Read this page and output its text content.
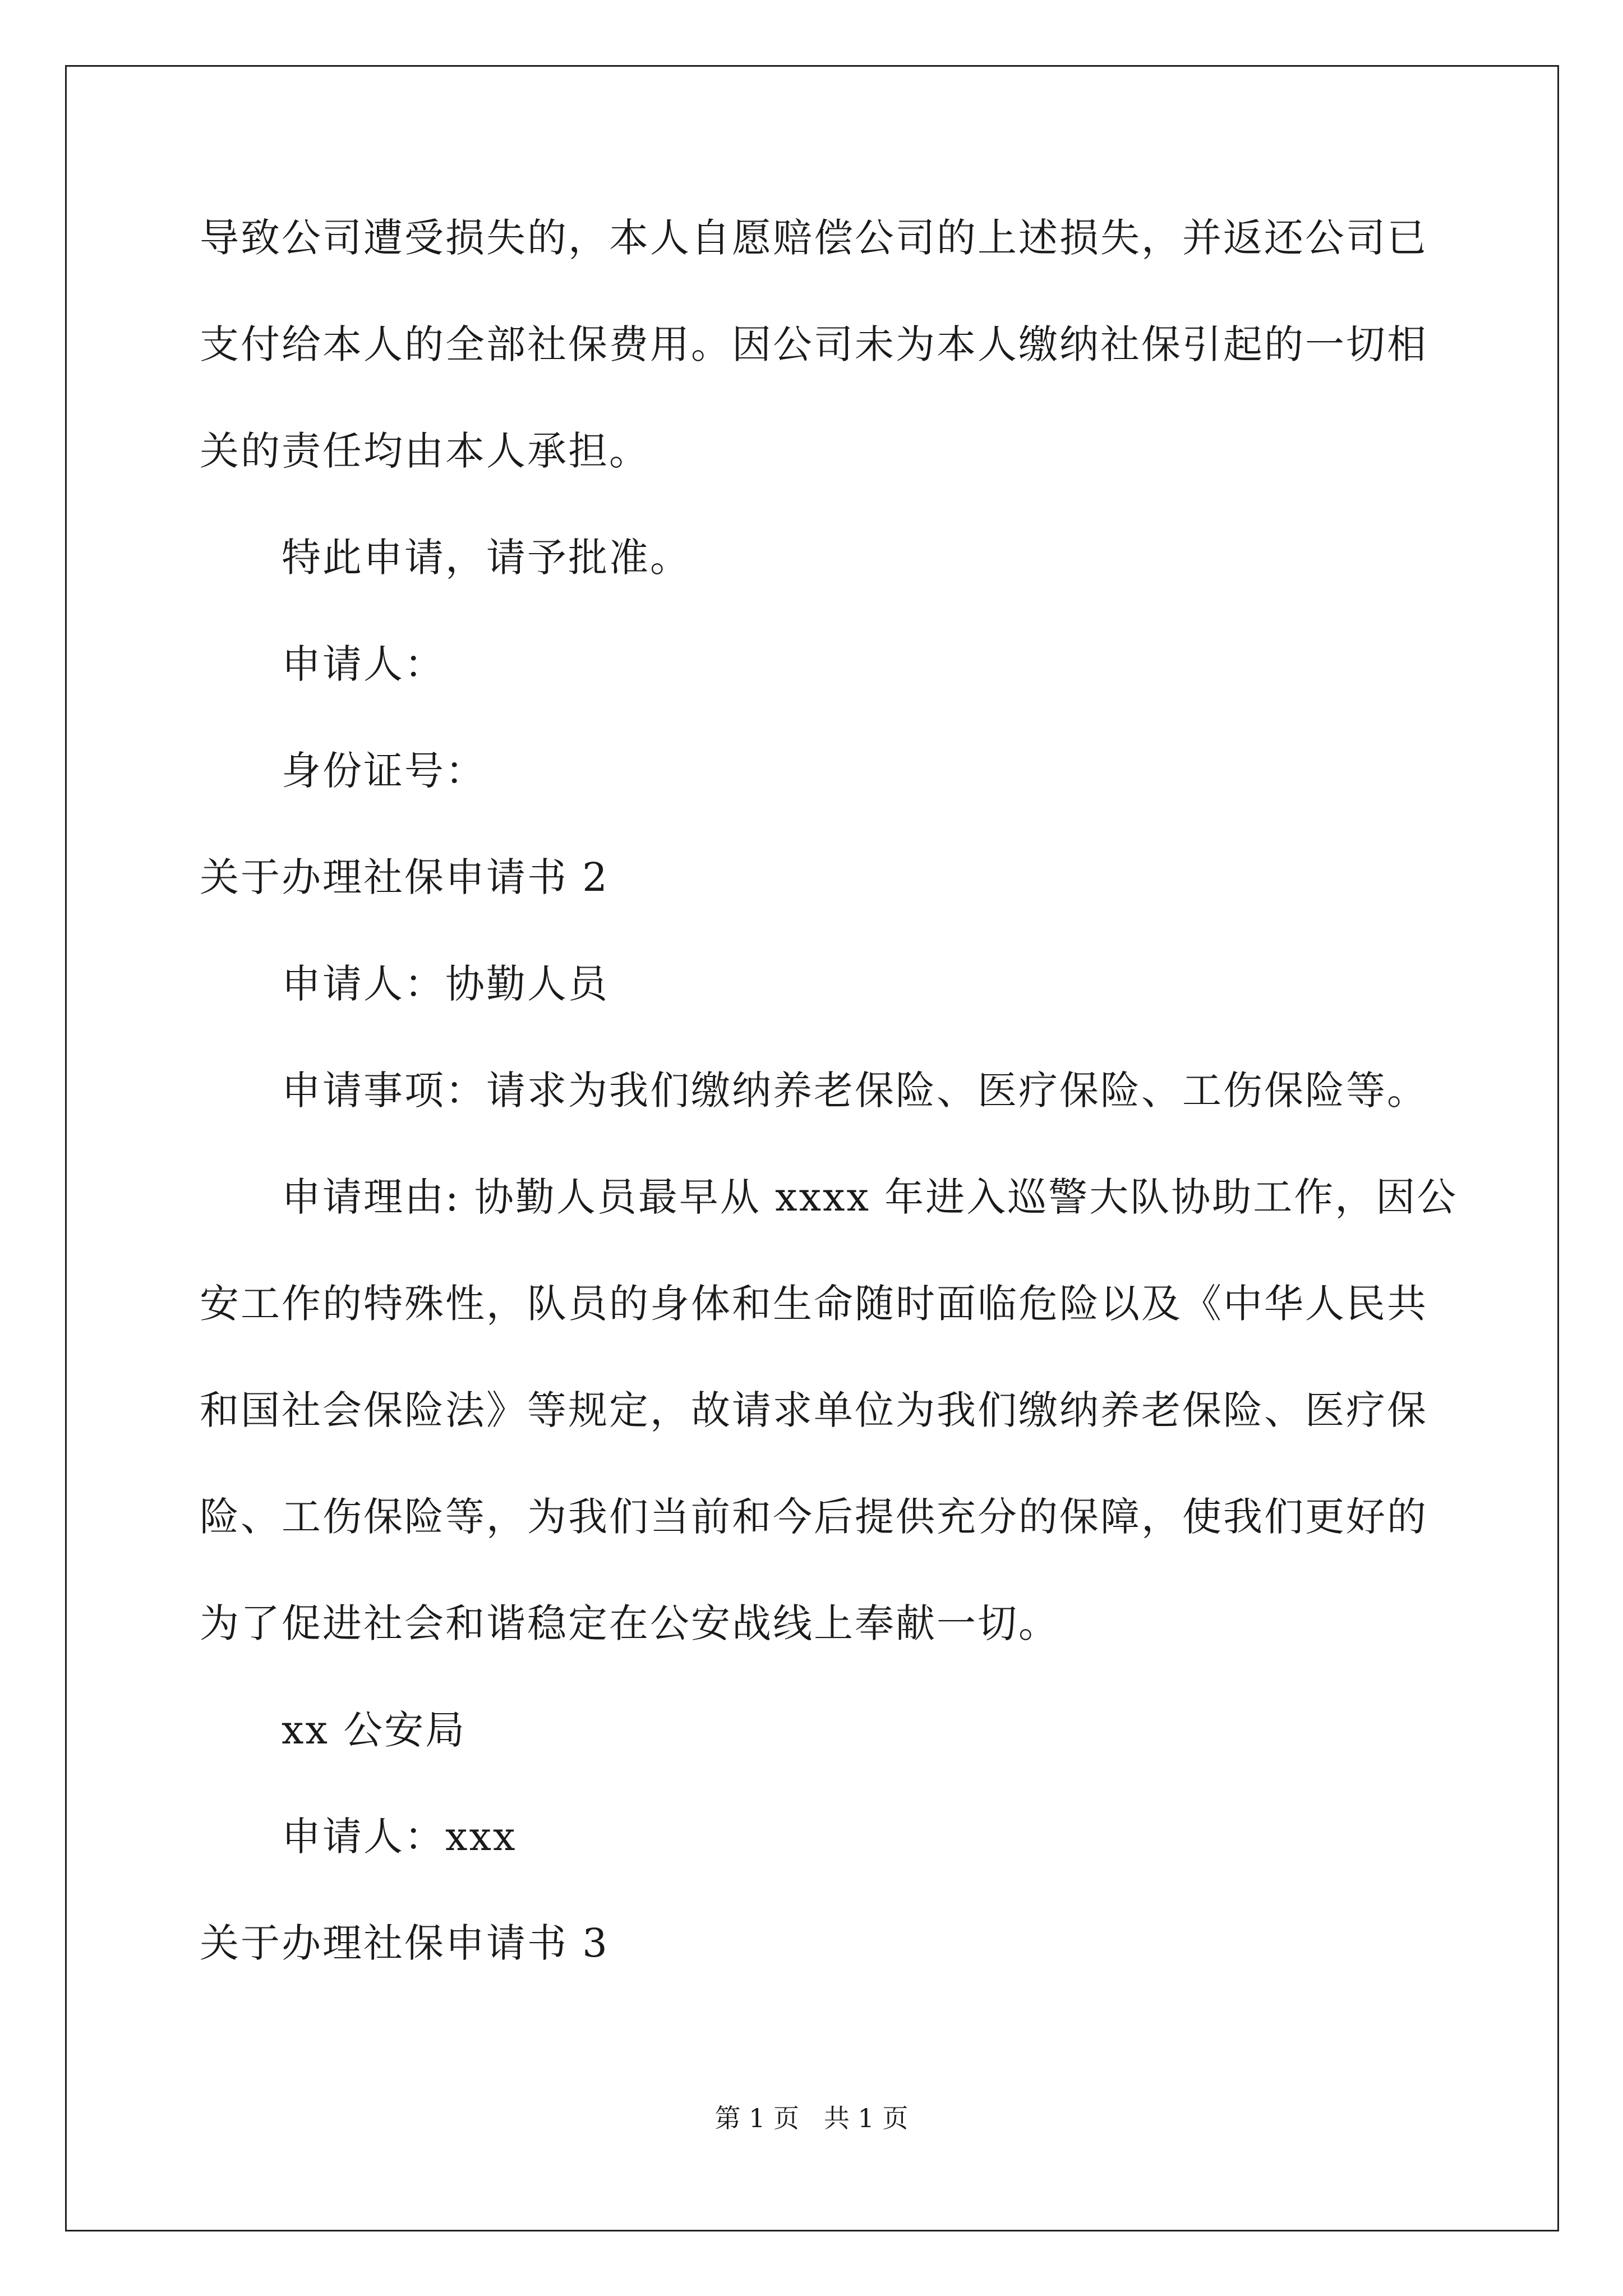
导致公司遭受损失的，本人自愿赔偿公司的上述损失，并返还公司已
支付给本人的全部社保费用。因公司未为本人缴纳社保引起的一切相
关的责任均由本人承担。
特此申请，请予批准。
申请人：
身份证号：
关于办理社保申请书 2
申请人：协勤人员
申请事项：请求为我们缴纳养老保险、医疗保险、工伤保险等。
申请理由: 协勤人员最早从 xxxx 年进入巡警大队协助工作，因公
安工作的特殊性，队员的身体和生命随时面临危险以及《中华人民共
和国社会保险法》等规定，故请求单位为我们缴纳养老保险、医疗保
险、工伤保险等，为我们当前和今后提供充分的保障，使我们更好的
为了促进社会和谐稳定在公安战线上奉献一切。
xx 公安局
申请人：xxx
关于办理社保申请书 3
第 1 页   共 1 页
